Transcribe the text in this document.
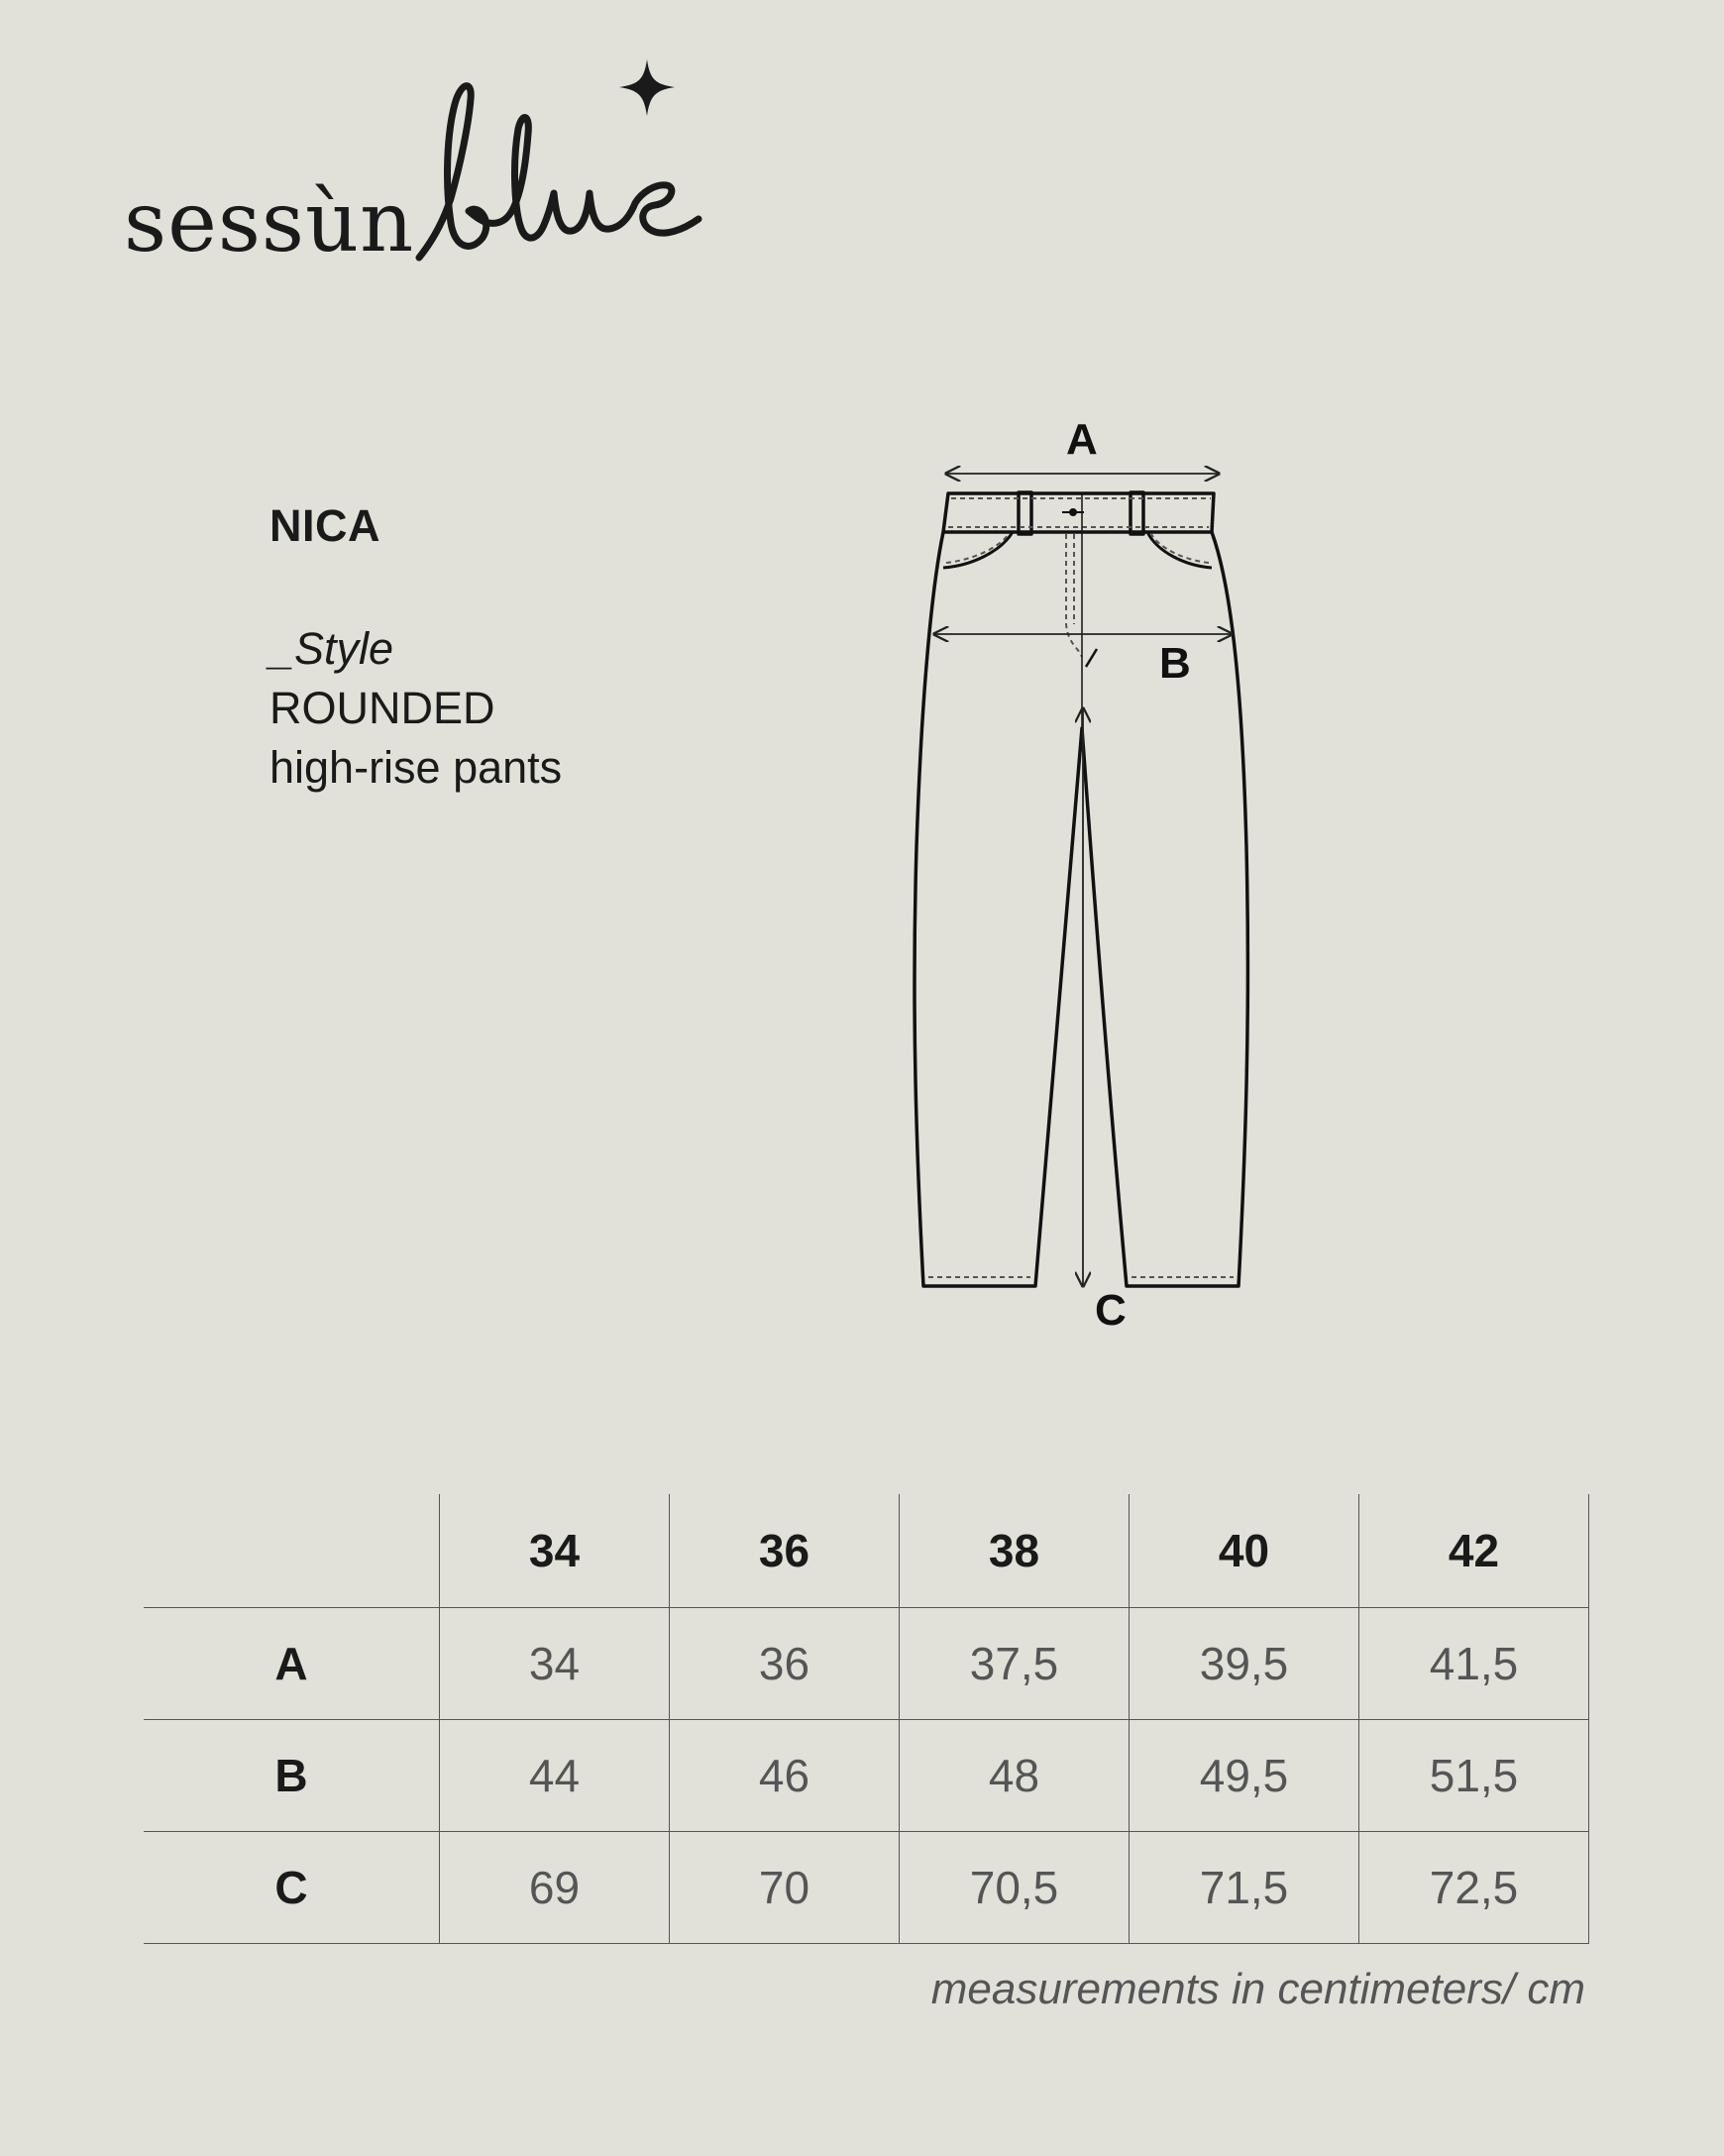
sessùn
NICA
_Style
ROUNDED
high-rise pants
A
B
C
	34	36	38	40	42
A	34	36	37,5	39,5	41,5
B	44	46	48	49,5	51,5
C	69	70	70,5	71,5	72,5
measurements in centimeters/ cm
